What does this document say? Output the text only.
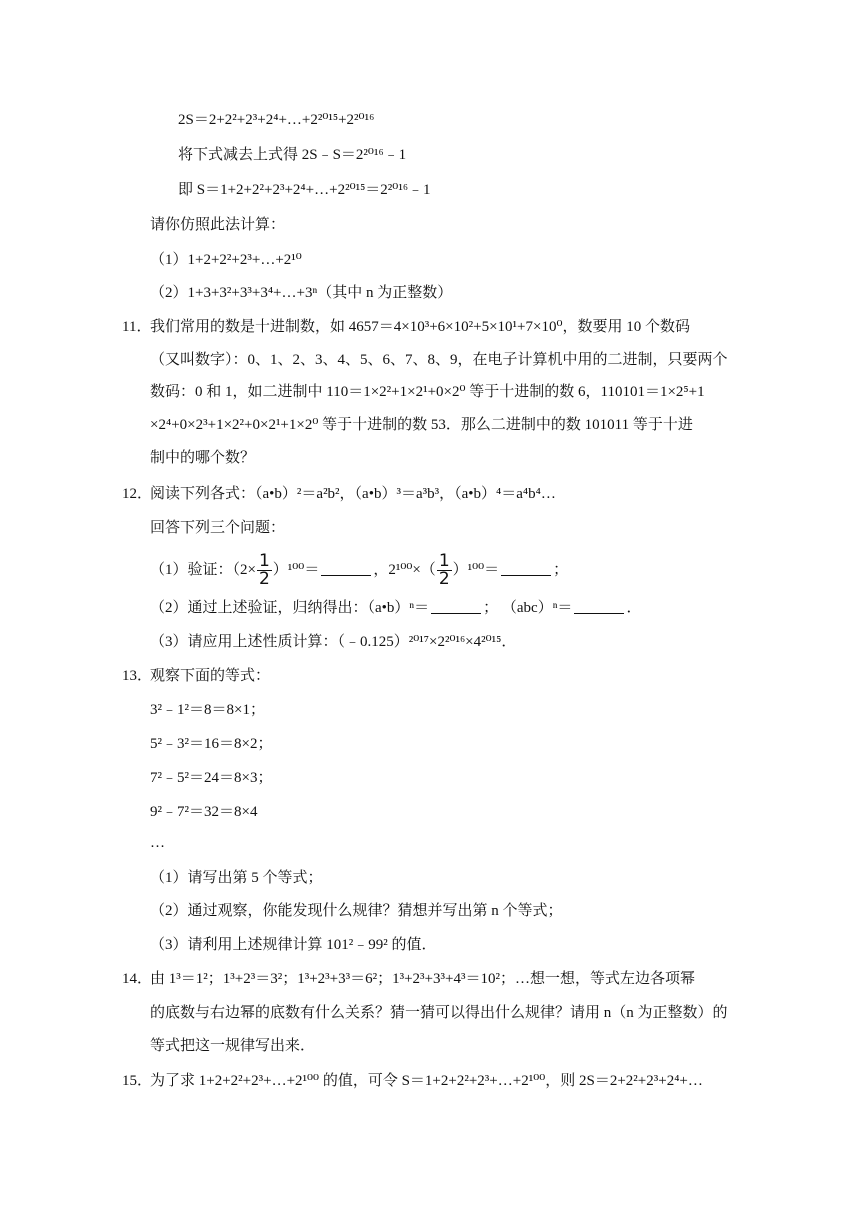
2S＝2+2²+2³+2⁴+…+2²⁰¹⁵+2²⁰¹⁶
将下式减去上式得 2S﹣S＝2²⁰¹⁶﹣1
即 S＝1+2+2²+2³+2⁴+…+2²⁰¹⁵＝2²⁰¹⁶﹣1
请你仿照此法计算：
（1）1+2+2²+2³+…+2¹⁰
（2）1+3+3²+3³+3⁴+…+3ⁿ（其中 n 为正整数）
11．
我们常用的数是十进制数，如 4657＝4×10³+6×10²+5×10¹+7×10⁰，数要用 10 个数码
（又叫数字）：0、1、2、3、4、5、6、7、8、9，在电子计算机中用的二进制，只要两个
数码：0 和 1，如二进制中 110＝1×2²+1×2¹+0×2⁰ 等于十进制的数 6，110101＝1×2⁵+1
×2⁴+0×2³+1×2²+0×2¹+1×2⁰ 等于十进制的数 53．那么二进制中的数 101011 等于十进
制中的哪个数？
12．
阅读下列各式：（a•b）²＝a²b²，（a•b）³＝a³b³，（a•b）⁴＝a⁴b⁴…
回答下列三个问题：
（1）验证：$(2\times \frac{1}{2} )^{100}=$	，$2^{100}\times( \frac{1}{2} )^{100}=$	；
（2）通过上述验证，归纳得出：（a•b）ⁿ＝	； （abc）ⁿ＝	．
（3）请应用上述性质计算：（﹣0.125）²⁰¹⁷×2²⁰¹⁶×4²⁰¹⁵．
13．
观察下面的等式：
3²﹣1²＝8＝8×1；
5²﹣3²＝16＝8×2；
7²﹣5²＝24＝8×3；
9²﹣7²＝32＝8×4
…
（1）请写出第 5 个等式；
（2）通过观察，你能发现什么规律？猜想并写出第 n 个等式；
（3）请利用上述规律计算 101²﹣99² 的值．
14．
由 1³＝1²；1³+2³＝3²；1³+2³+3³＝6²；1³+2³+3³+4³＝10²；…想一想，等式左边各项幂
的底数与右边幂的底数有什么关系？猜一猜可以得出什么规律？请用 n（n 为正整数）的
等式把这一规律写出来．
15．
为了求 1+2+2²+2³+…+2¹⁰⁰ 的值，可令 S＝1+2+2²+2³+…+2¹⁰⁰，则 2S＝2+2²+2³+2⁴+…
